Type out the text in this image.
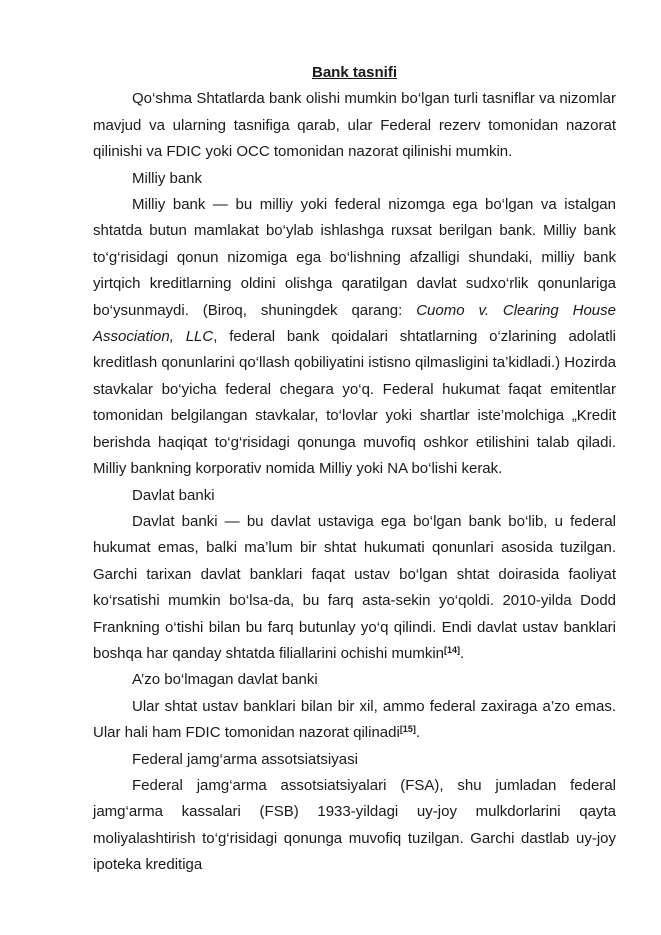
Bank tasnifi

Qo‘shma Shtatlarda bank olishi mumkin bo‘lgan turli tasniflar va nizomlar mavjud va ularning tasnifiga qarab, ular Federal rezerv tomonidan nazorat qilinishi va FDIC yoki OCC tomonidan nazorat qilinishi mumkin.

Milliy bank

Milliy bank — bu milliy yoki federal nizomga ega bo‘lgan va istalgan shtatda butun mamlakat bo‘ylab ishlashga ruxsat berilgan bank. Milliy bank to‘g‘risidagi qonun nizomiga ega bo‘lishning afzalligi shundaki, milliy bank yirtqich kreditlarning oldini olishga qaratilgan davlat sudxo‘rlik qonunlariga bo‘ysunmaydi. (Biroq, shuningdek qarang: Cuomo v. Clearing House Association, LLC, federal bank qoidalari shtatlarning o‘zlarining adolatli kreditlash qonunlarini qo‘llash qobiliyatini istisno qilmasligini ta’kidladi.) Hozirda stavkalar bo‘yicha federal chegara yo‘q. Federal hukumat faqat emitentlar tomonidan belgilangan stavkalar, to‘lovlar yoki shartlar iste’molchiga „Kredit berishda haqiqat to‘g‘risidagi qonunga muvofiq oshkor etilishini talab qiladi. Milliy bankning korporativ nomida Milliy yoki NA bo‘lishi kerak.

Davlat banki

Davlat banki — bu davlat ustaviga ega bo‘lgan bank bo‘lib, u federal hukumat emas, balki ma’lum bir shtat hukumati qonunlari asosida tuzilgan. Garchi tarixan davlat banklari faqat ustav bo‘lgan shtat doirasida faoliyat ko‘rsatishi mumkin bo‘lsa-da, bu farq asta-sekin yo‘qoldi. 2010-yilda Dodd Frankning o‘tishi bilan bu farq butunlay yo‘q qilindi. Endi davlat ustav banklari boshqa har qanday shtatda filiallarini ochishi mumkin[14].

A’zo bo‘lmagan davlat banki

Ular shtat ustav banklari bilan bir xil, ammo federal zaxiraga a’zo emas. Ular hali ham FDIC tomonidan nazorat qilinadi[15].

Federal jamg‘arma assotsiatsiyasi

Federal jamg‘arma assotsiatsiyalari (FSA), shu jumladan federal jamg‘arma kassalari (FSB) 1933-yildagi uy-joy mulkdorlarini qayta moliyalashtirish to‘g‘risidagi qonunga muvofiq tuzilgan. Garchi dastlab uy-joy ipoteka kreditiga
